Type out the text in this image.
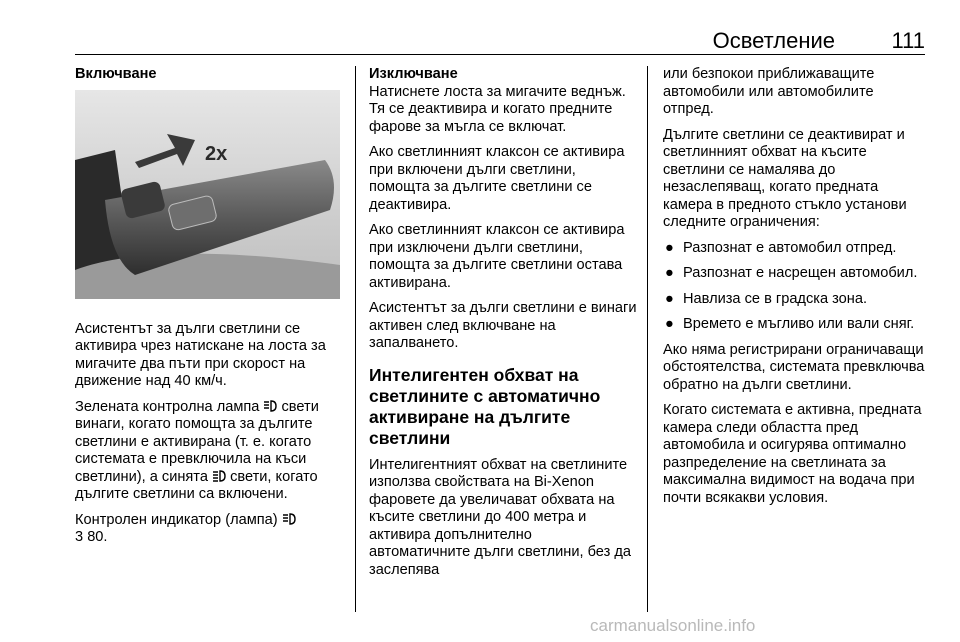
Осветление	111

Включване

2x

Асистентът за дълги светлини се активира чрез натискане на лоста за мигачите два пъти при скорост на движение над 40 км/ч.

Зелената контролна лампа свети винаги, когато помощта за дългите светлини е активирана (т. е. когато системата е превключила на къси светлини), а синята свети, когато дългите светлини са включени.

Контролен индикатор (лампа)
3 80.

Изключване

Натиснете лоста за мигачите веднъж. Тя се деактивира и когато предните фарове за мъгла се включат.

Ако светлинният клаксон се активира при включени дълги светлини, помощта за дългите светлини се деактивира.

Ако светлинният клаксон се активира при изключени дълги светлини, помощта за дългите светлини остава активирана.

Асистентът за дълги светлини е винаги активен след включване на запалването.

Интелигентен обхват на светлините с автоматично активиране на дългите светлини

Интелигентният обхват на светлините използва свойствата на Bi-Xenon фаровете да увеличават обхвата на късите светлини до 400 метра и активира допълнително автоматичните дълги светлини, без да заслепява

или безпокои приближаващите автомобили или автомобилите отпред.

Дългите светлини се деактивират и светлинният обхват на късите светлини се намалява до незаслепяващ, когато предната камера в предното стъкло установи следните ограничения:

● Разпознат е автомобил отпред.
● Разпознат е насрещен автомобил.
● Навлиза се в градска зона.
● Времето е мъгливо или вали сняг.

Ако няма регистрирани ограничаващи обстоятелства, системата превключва обратно на дълги светлини.

Когато системата е активна, предната камера следи областта пред автомобила и осигурява оптимално разпределение на светлината за максимална видимост на водача при почти всякакви условия.

carmanualsonline.info
